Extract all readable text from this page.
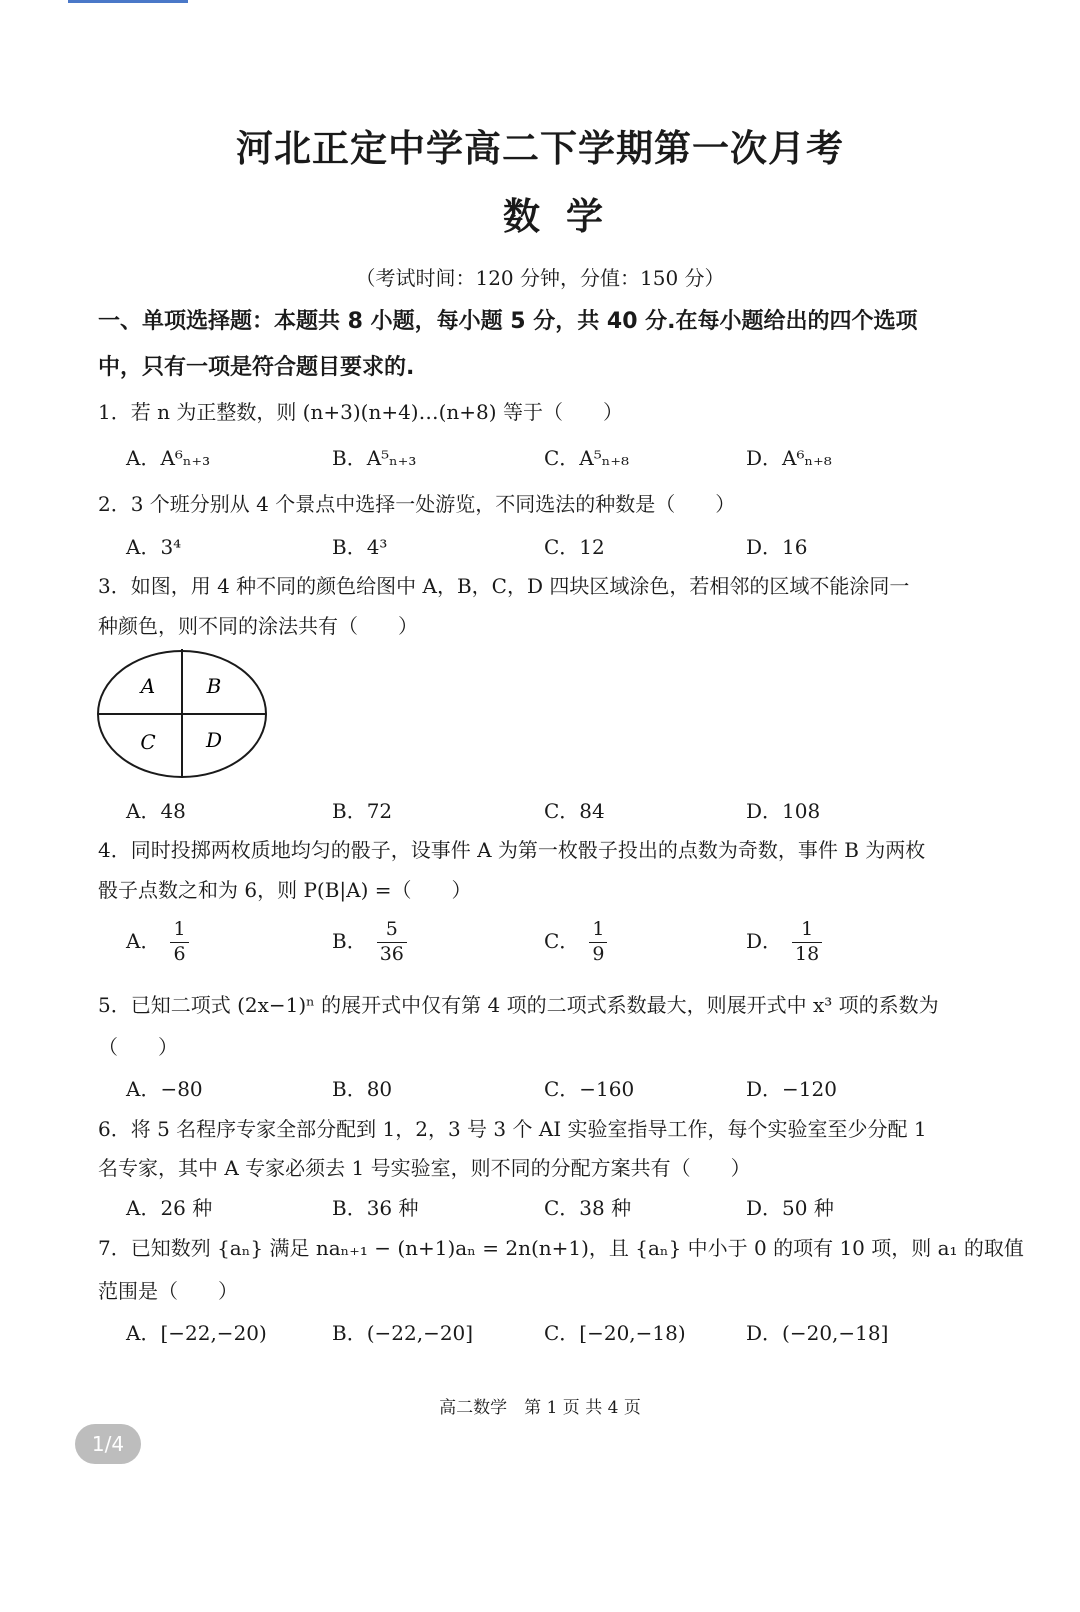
河北正定中学高二下学期第一次月考
数学
（考试时间：120 分钟，分值：150 分）
一、单项选择题：本题共 8 小题，每小题 5 分，共 40 分.在每小题给出的四个选项
中，只有一项是符合题目要求的.
1．若 n 为正整数，则 (n+3)(n+4)…(n+8) 等于（　　）
A．A⁶ₙ₊₃	B．A⁵ₙ₊₃	C．A⁵ₙ₊₈	D．A⁶ₙ₊₈
2．3 个班分别从 4 个景点中选择一处游览，不同选法的种数是（　　）
A．3⁴	B．4³	C．12	D．16
3．如图，用 4 种不同的颜色给图中 A，B，C，D 四块区域涂色，若相邻的区域不能涂同一
种颜色，则不同的涂法共有（　　）
A	B
C	D
A．48	B．72	C．84	D．108
4．同时投掷两枚质地均匀的骰子，设事件 A 为第一枚骰子投出的点数为奇数，事件 B 为两枚
骰子点数之和为 6，则 P(B|A) =（　　）
A． $\frac{1}{6}$	B． $\frac{5}{36}$	C． $\frac{1}{9}$	D． $\frac{1}{18}$
5．已知二项式 (2x−1)ⁿ 的展开式中仅有第 4 项的二项式系数最大，则展开式中 x³ 项的系数为
（　　）
A．−80	B．80	C．−160	D．−120
6．将 5 名程序专家全部分配到 1，2，3 号 3 个 AI 实验室指导工作，每个实验室至少分配 1
名专家，其中 A 专家必须去 1 号实验室，则不同的分配方案共有（　　）
A．26 种	B．36 种	C．38 种	D．50 种
7．已知数列 {aₙ} 满足 naₙ₊₁ − (n+1)aₙ = 2n(n+1)，且 {aₙ} 中小于 0 的项有 10 项，则 a₁ 的取值
范围是（　　）
A．[−22,−20)	B．(−22,−20]	C．[−20,−18)	D．(−20,−18]
高二数学　第 1 页 共 4 页
1/4
